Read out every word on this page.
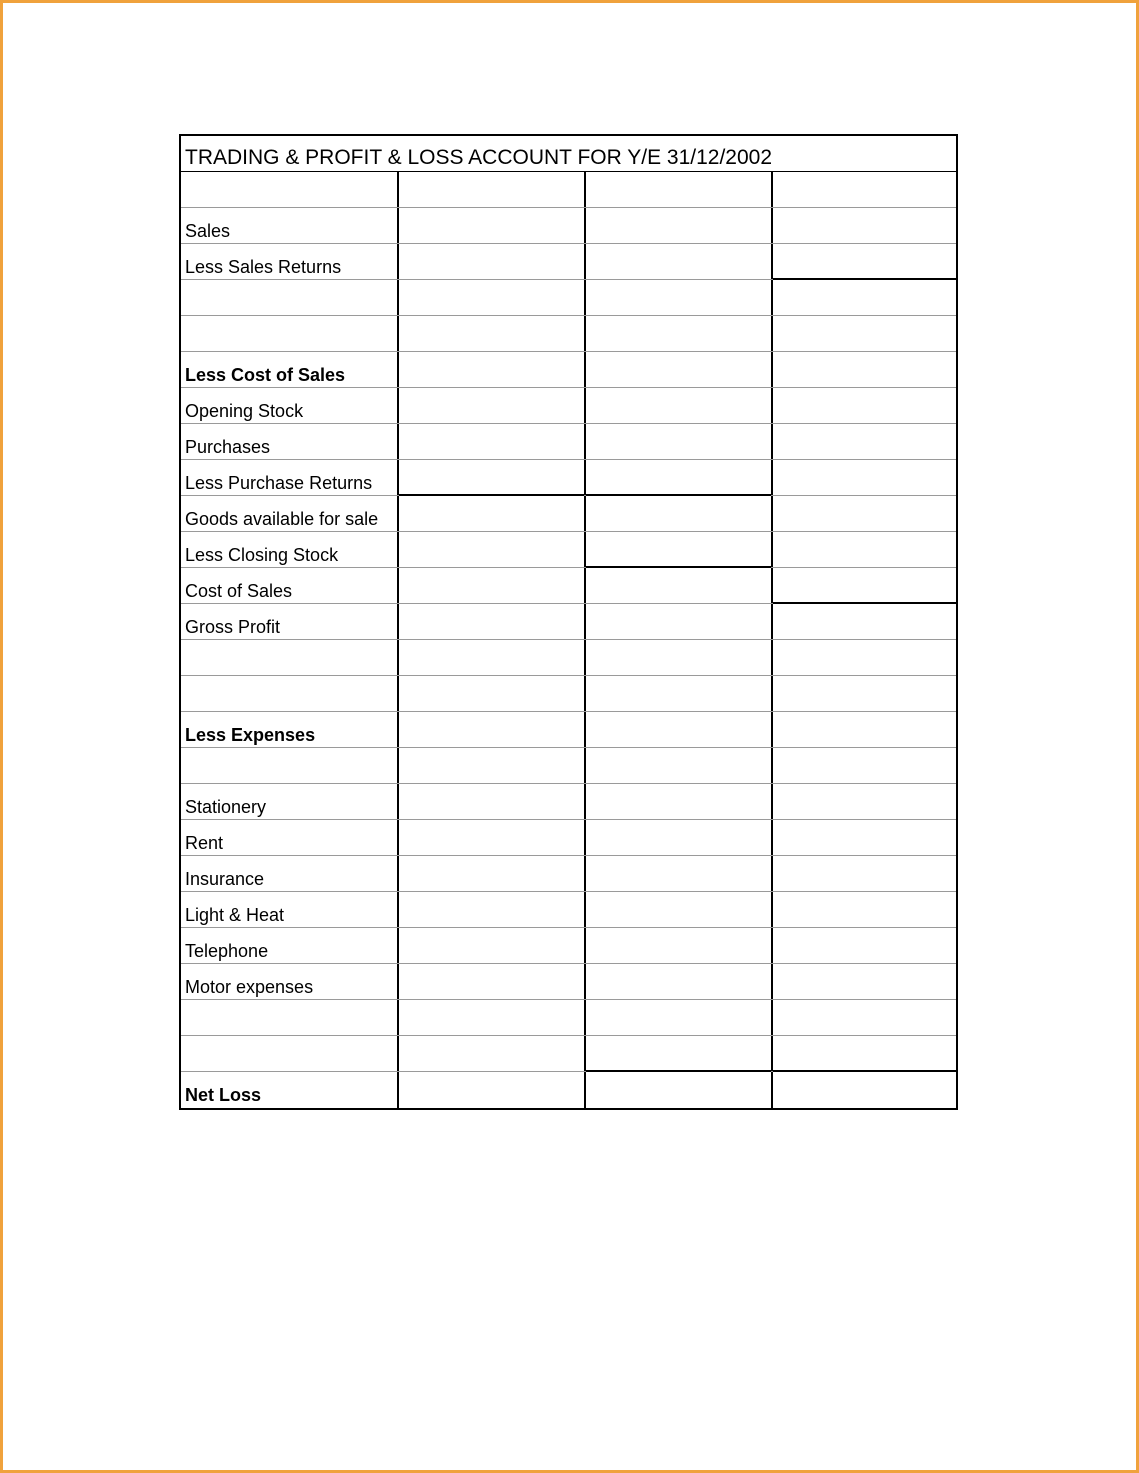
TRADING & PROFIT & LOSS ACCOUNT FOR Y/E 31/12/2002
Sales
Less Sales Returns
Less Cost of Sales
Opening Stock
Purchases
Less Purchase Returns
Goods available for sale
Less Closing Stock
Cost of Sales
Gross Profit
Less Expenses
Stationery
Rent
Insurance
Light & Heat
Telephone
Motor expenses
Net Loss
